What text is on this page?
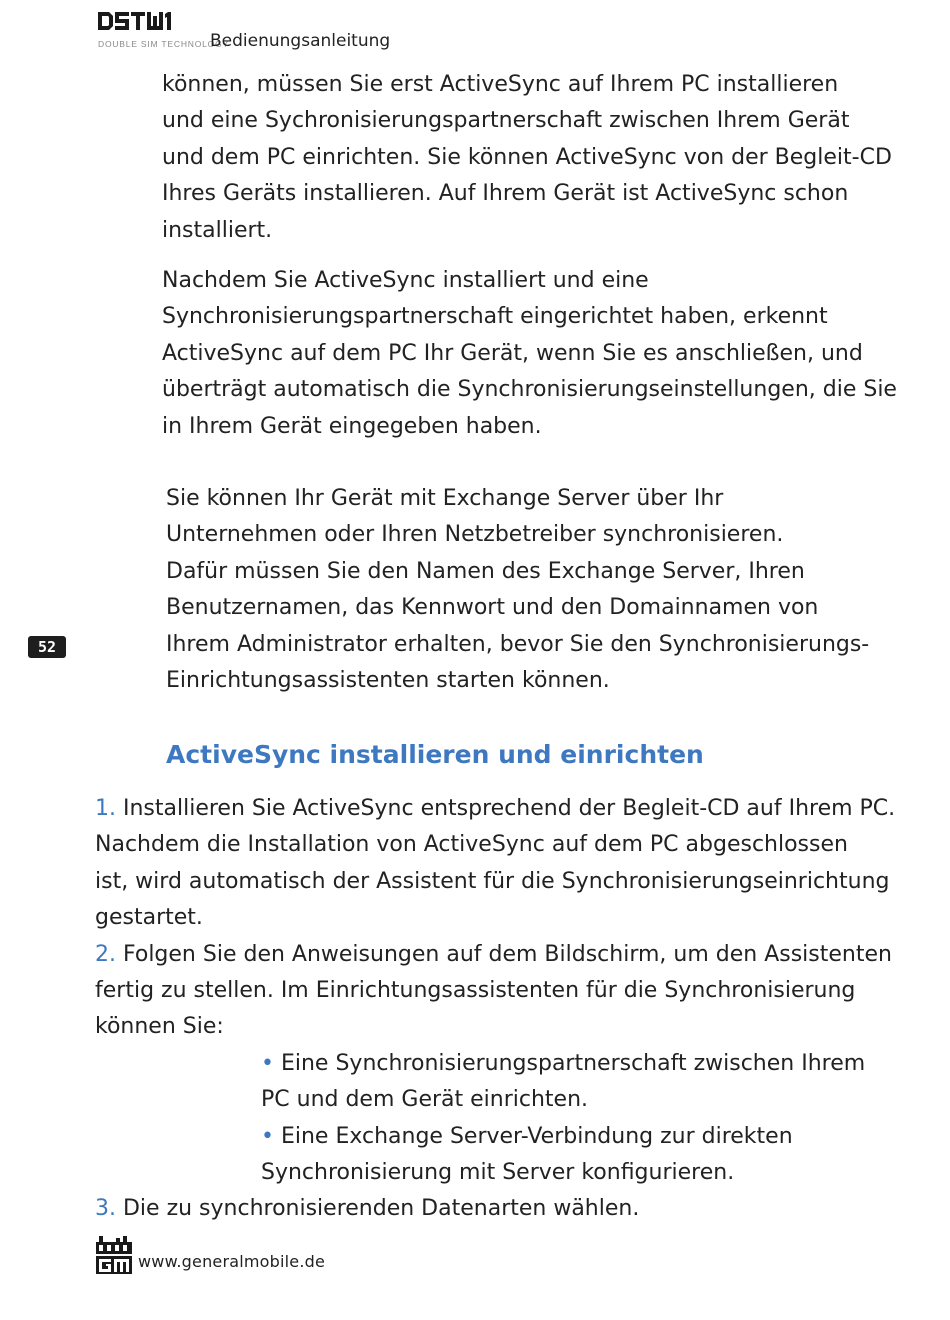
DOUBLE SIM TECHNOLOGY
Bedienungsanleitung

können, müssen Sie erst ActiveSync auf Ihrem PC installieren
und eine Sychronisierungspartnerschaft zwischen Ihrem Gerät
und dem PC einrichten. Sie können ActiveSync von der Begleit-CD
Ihres Geräts installieren. Auf Ihrem Gerät ist ActiveSync schon
installiert.

Nachdem Sie ActiveSync installiert und eine
Synchronisierungspartnerschaft eingerichtet haben, erkennt
ActiveSync auf dem PC Ihr Gerät, wenn Sie es anschließen, und
überträgt automatisch die Synchronisierungseinstellungen, die Sie
in Ihrem Gerät eingegeben haben.

Sie können Ihr Gerät mit Exchange Server über Ihr
Unternehmen oder Ihren Netzbetreiber synchronisieren.
Dafür müssen Sie den Namen des Exchange Server, Ihren
Benutzernamen, das Kennwort und den Domainnamen von
Ihrem Administrator erhalten, bevor Sie den Synchronisierungs-
Einrichtungsassistenten starten können.

52
ActiveSync installieren und einrichten
1. Installieren Sie ActiveSync entsprechend der Begleit-CD auf Ihrem PC.
Nachdem die Installation von ActiveSync auf dem PC abgeschlossen
ist, wird automatisch der Assistent für die Synchronisierungseinrichtung
gestartet.
2. Folgen Sie den Anweisungen auf dem Bildschirm, um den Assistenten
fertig zu stellen. Im Einrichtungsassistenten für die Synchronisierung
können Sie:
• Eine Synchronisierungspartnerschaft zwischen Ihrem
PC und dem Gerät einrichten.
• Eine Exchange Server-Verbindung zur direkten
Synchronisierung mit Server konfigurieren.
3. Die zu synchronisierenden Datenarten wählen.
www.generalmobile.de
